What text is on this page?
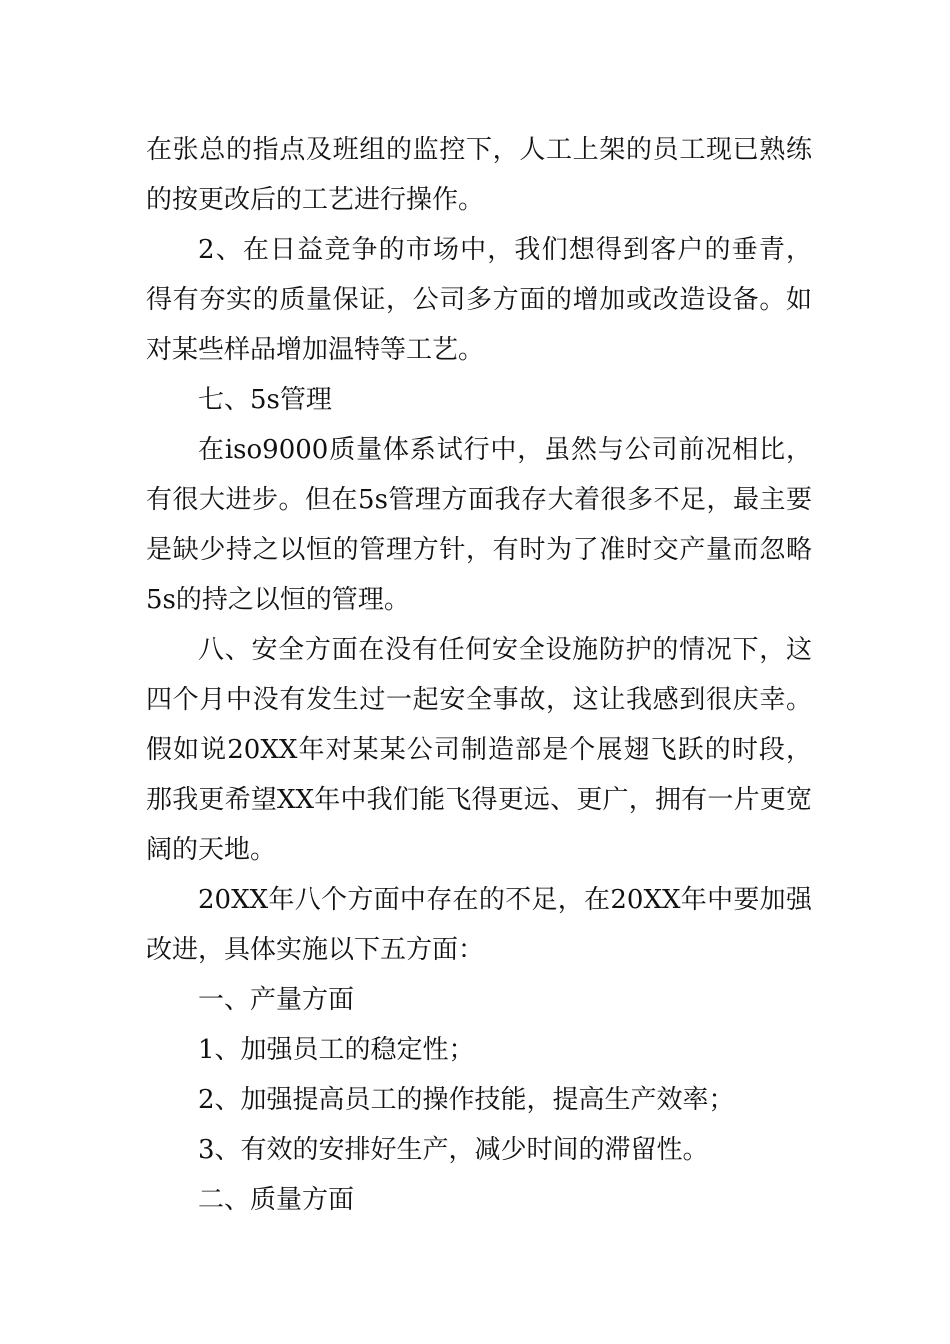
在张总的指点及班组的监控下，人工上架的员工现已熟练的按更改后的工艺进行操作。

2、在日益竞争的市场中，我们想得到客户的垂青，得有夯实的质量保证，公司多方面的增加或改造设备。如对某些样品增加温特等工艺。

七、5s管理

在iso9000质量体系试行中，虽然与公司前况相比，有很大进步。但在5s管理方面我存大着很多不足，最主要是缺少持之以恒的管理方针，有时为了准时交产量而忽略5s的持之以恒的管理。

八、安全方面在没有任何安全设施防护的情况下，这四个月中没有发生过一起安全事故，这让我感到很庆幸。假如说20XX年对某某公司制造部是个展翅飞跃的时段，那我更希望XX年中我们能飞得更远、更广，拥有一片更宽阔的天地。

20XX年八个方面中存在的不足，在20XX年中要加强改进，具体实施以下五方面：

一、产量方面

1、加强员工的稳定性；

2、加强提高员工的操作技能，提高生产效率；

3、有效的安排好生产，减少时间的滞留性。

二、质量方面
